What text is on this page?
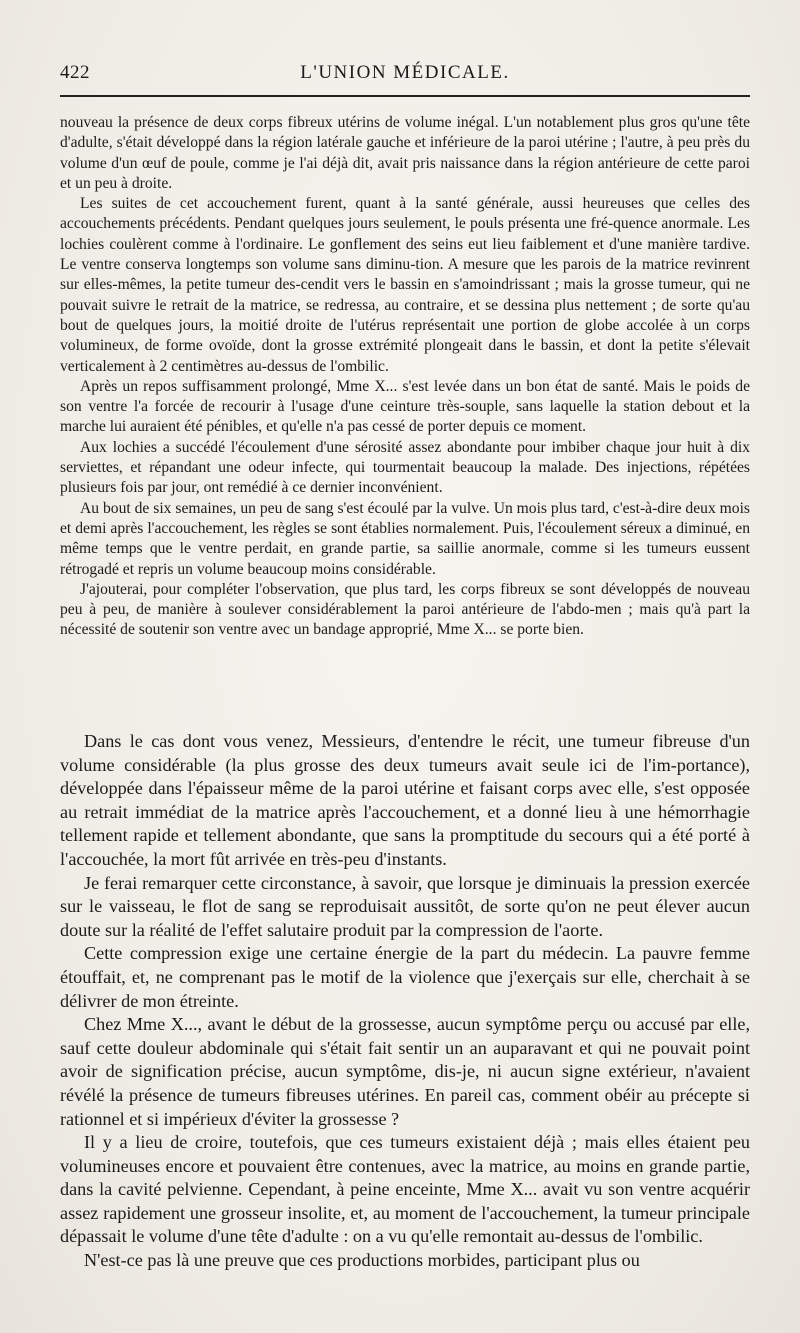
422	L'UNION MÉDICALE.

nouveau la présence de deux corps fibreux utérins de volume inégal. L'un notablement plus gros qu'une tête d'adulte, s'était développé dans la région latérale gauche et inférieure de la paroi utérine ; l'autre, à peu près du volume d'un œuf de poule, comme je l'ai déjà dit, avait pris naissance dans la région antérieure de cette paroi et un peu à droite.

Les suites de cet accouchement furent, quant à la santé générale, aussi heureuses que celles des accouchements précédents. Pendant quelques jours seulement, le pouls présenta une fré-quence anormale. Les lochies coulèrent comme à l'ordinaire. Le gonflement des seins eut lieu faiblement et d'une manière tardive. Le ventre conserva longtemps son volume sans diminu-tion. A mesure que les parois de la matrice revinrent sur elles-mêmes, la petite tumeur des-cendit vers le bassin en s'amoindrissant ; mais la grosse tumeur, qui ne pouvait suivre le retrait de la matrice, se redressa, au contraire, et se dessina plus nettement ; de sorte qu'au bout de quelques jours, la moitié droite de l'utérus représentait une portion de globe accolée à un corps volumineux, de forme ovoïde, dont la grosse extrémité plongeait dans le bassin, et dont la petite s'élevait verticalement à 2 centimètres au-dessus de l'ombilic.

Après un repos suffisamment prolongé, Mme X... s'est levée dans un bon état de santé. Mais le poids de son ventre l'a forcée de recourir à l'usage d'une ceinture très-souple, sans laquelle la station debout et la marche lui auraient été pénibles, et qu'elle n'a pas cessé de porter depuis ce moment.

Aux lochies a succédé l'écoulement d'une sérosité assez abondante pour imbiber chaque jour huit à dix serviettes, et répandant une odeur infecte, qui tourmentait beaucoup la malade. Des injections, répétées plusieurs fois par jour, ont remédié à ce dernier inconvénient.

Au bout de six semaines, un peu de sang s'est écoulé par la vulve. Un mois plus tard, c'est-à-dire deux mois et demi après l'accouchement, les règles se sont établies normalement. Puis, l'écoulement séreux a diminué, en même temps que le ventre perdait, en grande partie, sa saillie anormale, comme si les tumeurs eussent rétrogadé et repris un volume beaucoup moins considérable.

J'ajouterai, pour compléter l'observation, que plus tard, les corps fibreux se sont développés de nouveau peu à peu, de manière à soulever considérablement la paroi antérieure de l'abdo-men ; mais qu'à part la nécessité de soutenir son ventre avec un bandage approprié, Mme X... se porte bien.

Dans le cas dont vous venez, Messieurs, d'entendre le récit, une tumeur fibreuse d'un volume considérable (la plus grosse des deux tumeurs avait seule ici de l'im-portance), développée dans l'épaisseur même de la paroi utérine et faisant corps avec elle, s'est opposée au retrait immédiat de la matrice après l'accouchement, et a donné lieu à une hémorrhagie tellement rapide et tellement abondante, que sans la promptitude du secours qui a été porté à l'accouchée, la mort fût arrivée en très-peu d'instants.

Je ferai remarquer cette circonstance, à savoir, que lorsque je diminuais la pression exercée sur le vaisseau, le flot de sang se reproduisait aussitôt, de sorte qu'on ne peut élever aucun doute sur la réalité de l'effet salutaire produit par la compression de l'aorte.

Cette compression exige une certaine énergie de la part du médecin. La pauvre femme étouffait, et, ne comprenant pas le motif de la violence que j'exerçais sur elle, cherchait à se délivrer de mon étreinte.

Chez Mme X..., avant le début de la grossesse, aucun symptôme perçu ou accusé par elle, sauf cette douleur abdominale qui s'était fait sentir un an auparavant et qui ne pouvait point avoir de signification précise, aucun symptôme, dis-je, ni aucun signe extérieur, n'avaient révélé la présence de tumeurs fibreuses utérines. En pareil cas, comment obéir au précepte si rationnel et si impérieux d'éviter la grossesse ?

Il y a lieu de croire, toutefois, que ces tumeurs existaient déjà ; mais elles étaient peu volumineuses encore et pouvaient être contenues, avec la matrice, au moins en grande partie, dans la cavité pelvienne. Cependant, à peine enceinte, Mme X... avait vu son ventre acquérir assez rapidement une grosseur insolite, et, au moment de l'accouchement, la tumeur principale dépassait le volume d'une tête d'adulte : on a vu qu'elle remontait au-dessus de l'ombilic.

N'est-ce pas là une preuve que ces productions morbides, participant plus ou
